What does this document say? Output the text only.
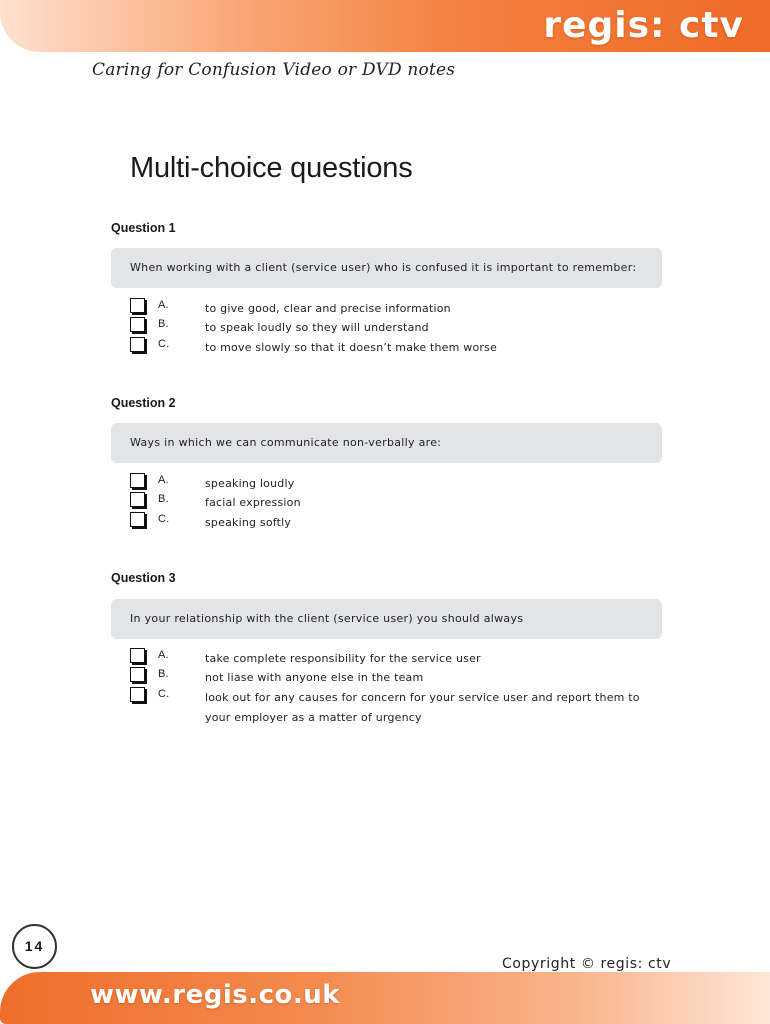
regis: ctv
Caring for Confusion Video or DVD notes
Multi-choice questions
Question 1
When working with a client (service user) who is confused it is important to remember:
A.	to give good, clear and precise information
B.	to speak loudly so they will understand
C.	to move slowly so that it doesn’t make them worse
Question 2
Ways in which we can communicate non-verbally are:
A.	speaking loudly
B.	facial expression
C.	speaking softly
Question 3
In your relationship with the client (service user) you should always
A.	take complete responsibility for the service user
B.	not liase with anyone else in the team
C.	look out for any causes for concern for your service user and report them to your employer as a matter of urgency
14
Copyright © regis: ctv
www.regis.co.uk
